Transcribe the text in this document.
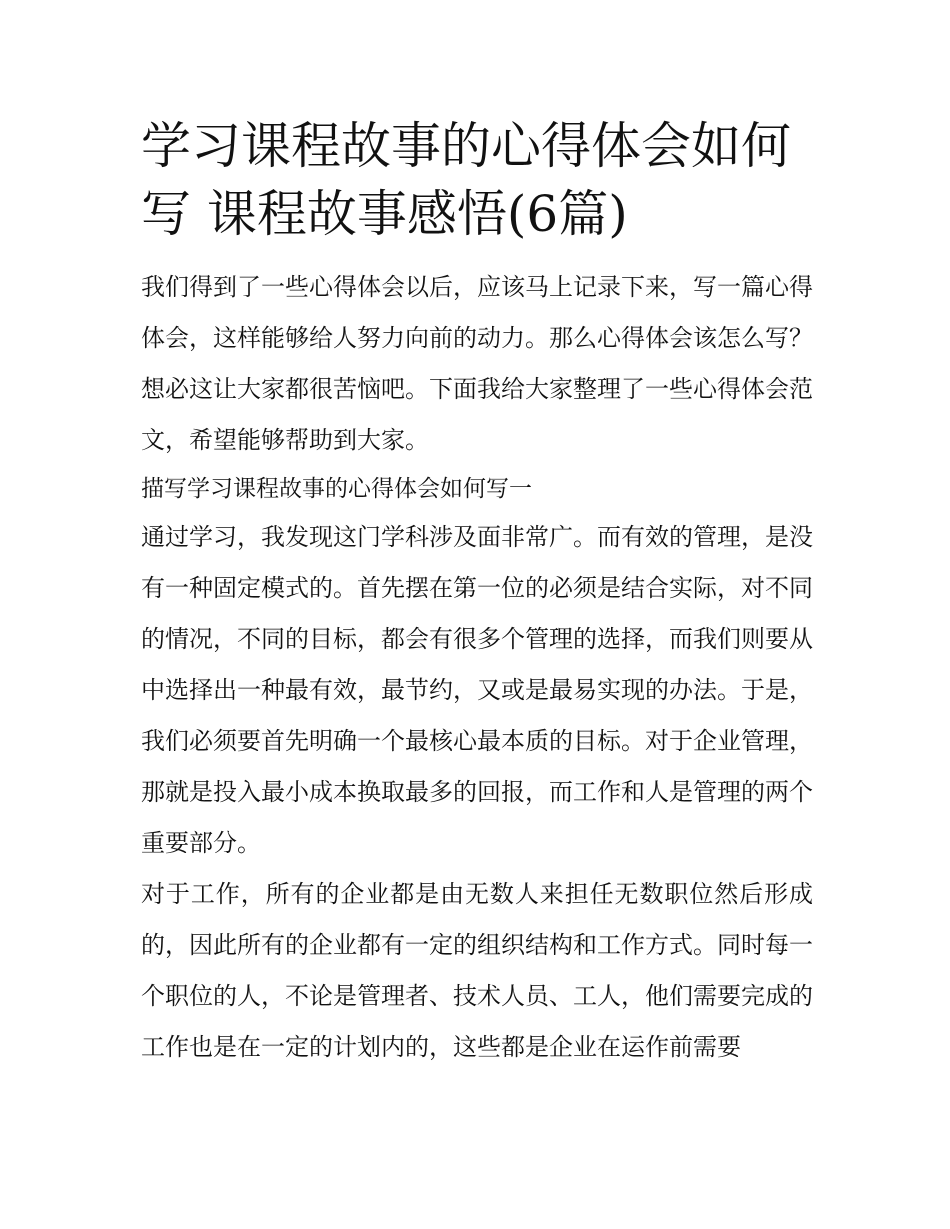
学习课程故事的心得体会如何写 课程故事感悟(6篇)

我们得到了一些心得体会以后，应该马上记录下来，写一篇心得体会，这样能够给人努力向前的动力。那么心得体会该怎么写？想必这让大家都很苦恼吧。下面我给大家整理了一些心得体会范文，希望能够帮助到大家。

描写学习课程故事的心得体会如何写一

通过学习，我发现这门学科涉及面非常广。而有效的管理，是没有一种固定模式的。首先摆在第一位的必须是结合实际，对不同的情况，不同的目标，都会有很多个管理的选择，而我们则要从中选择出一种最有效，最节约，又或是最易实现的办法。于是，我们必须要首先明确一个最核心最本质的目标。对于企业管理，那就是投入最小成本换取最多的回报，而工作和人是管理的两个重要部分。

对于工作，所有的企业都是由无数人来担任无数职位然后形成的，因此所有的企业都有一定的组织结构和工作方式。同时每一个职位的人，不论是管理者、技术人员、工人，他们需要完成的工作也是在一定的计划内的，这些都是企业在运作前需要
